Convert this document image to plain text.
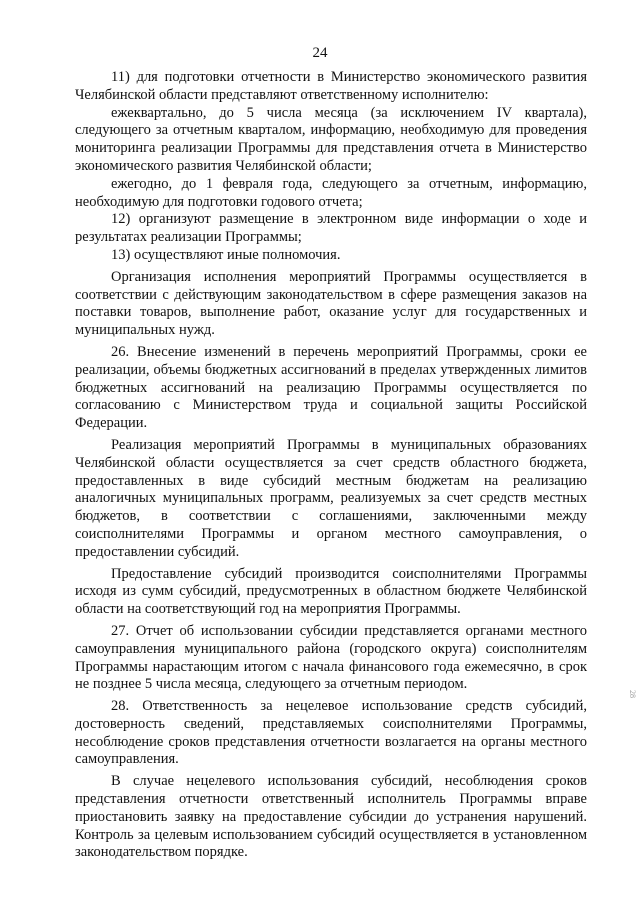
24

11) для подготовки отчетности в Министерство экономического развития Челябинской области представляют ответственному исполнителю:

ежеквартально, до 5 числа месяца (за исключением IV квартала), следующего за отчетным кварталом, информацию, необходимую для проведения мониторинга реализации Программы для представления отчета в Министерство экономического развития Челябинской области;

ежегодно, до 1 февраля года, следующего за отчетным, информацию, необходимую для подготовки годового отчета;

12) организуют размещение в электронном виде информации о ходе и результатах реализации Программы;

13) осуществляют иные полномочия.

Организация исполнения мероприятий Программы осуществляется в соответствии с действующим законодательством в сфере размещения заказов на поставки товаров, выполнение работ, оказание услуг для государственных и муниципальных нужд.

26. Внесение изменений в перечень мероприятий Программы, сроки ее реализации, объемы бюджетных ассигнований в пределах утвержденных лимитов бюджетных ассигнований на реализацию Программы осуществляется по согласованию с Министерством труда и социальной защиты Российской Федерации.

Реализация мероприятий Программы в муниципальных образованиях Челябинской области осуществляется за счет средств областного бюджета, предоставленных в виде субсидий местным бюджетам на реализацию аналогичных муниципальных программ, реализуемых за счет средств местных бюджетов, в соответствии с соглашениями, заключенными между соисполнителями Программы и органом местного самоуправления, о предоставлении субсидий.

Предоставление субсидий производится соисполнителями Программы исходя из сумм субсидий, предусмотренных в областном бюджете Челябинской области на соответствующий год на мероприятия Программы.

27. Отчет об использовании субсидии представляется органами местного самоуправления муниципального района (городского округа) соисполнителям Программы нарастающим итогом с начала финансового года ежемесячно, в срок не позднее 5 числа месяца, следующего за отчетным периодом.

28. Ответственность за нецелевое использование средств субсидий, достоверность сведений, представляемых соисполнителями Программы, несоблюдение сроков представления отчетности возлагается на органы местного самоуправления.

В случае нецелевого использования субсидий, несоблюдения сроков представления отчетности ответственный исполнитель Программы вправе приостановить заявку на предоставление субсидии до устранения нарушений. Контроль за целевым использованием субсидий осуществляется в установленном законодательством порядке.

28
